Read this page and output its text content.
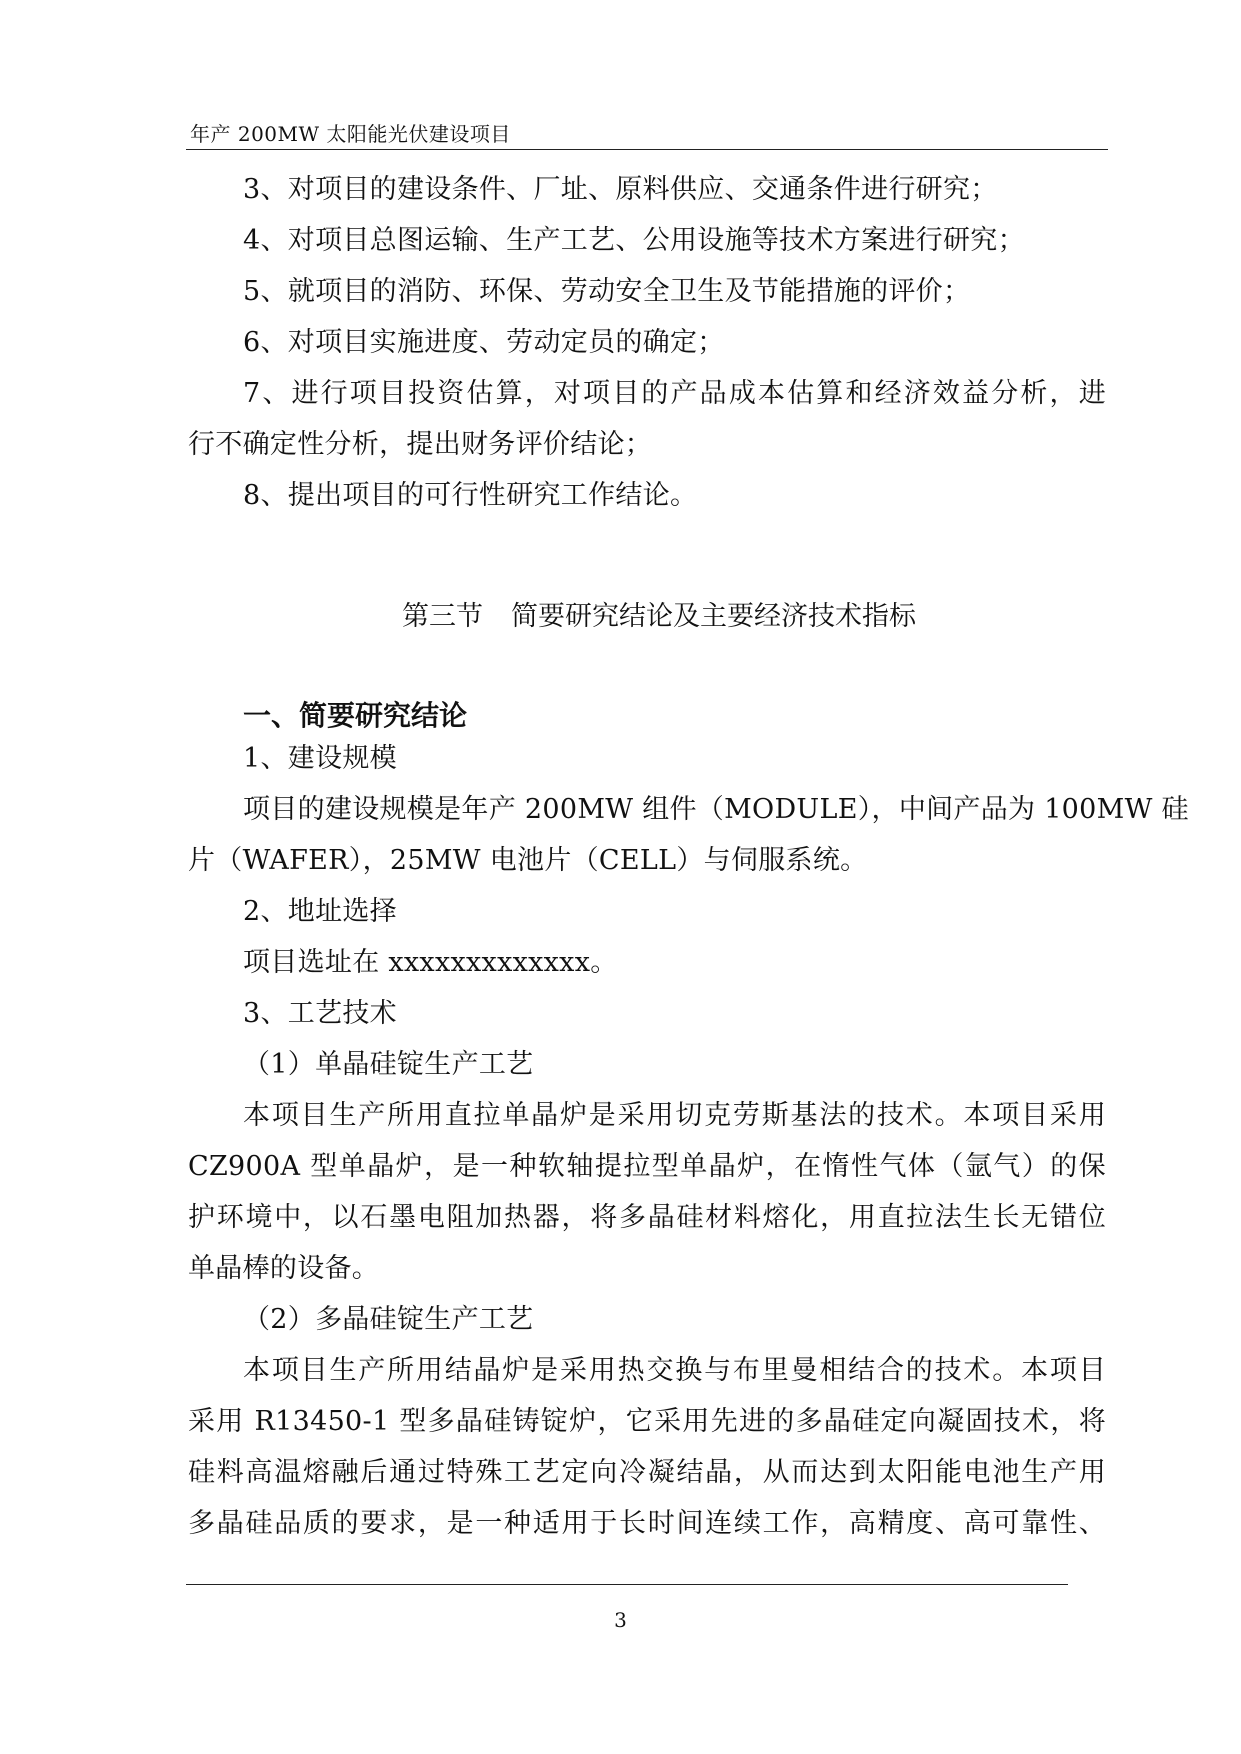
年产 200MW 太阳能光伏建设项目
3、对项目的建设条件、厂址、原料供应、交通条件进行研究；
4、对项目总图运输、生产工艺、公用设施等技术方案进行研究；
5、就项目的消防、环保、劳动安全卫生及节能措施的评价；
6、对项目实施进度、劳动定员的确定；
7、进行项目投资估算，对项目的产品成本估算和经济效益分析，进
行不确定性分析，提出财务评价结论；
8、提出项目的可行性研究工作结论。
第三节 简要研究结论及主要经济技术指标
一、简要研究结论
1、建设规模
项目的建设规模是年产 200MW 组件（MODULE），中间产品为 100MW 硅
片（WAFER），25MW 电池片（CELL）与伺服系统。
2、地址选择
项目选址在 xxxxxxxxxxxxx。
3、工艺技术
（1）单晶硅锭生产工艺
本项目生产所用直拉单晶炉是采用切克劳斯基法的技术。本项目采用
CZ900A 型单晶炉，是一种软轴提拉型单晶炉，在惰性气体（氩气）的保
护环境中，以石墨电阻加热器，将多晶硅材料熔化，用直拉法生长无错位
单晶棒的设备。
（2）多晶硅锭生产工艺
本项目生产所用结晶炉是采用热交换与布里曼相结合的技术。本项目
采用 R13450-1 型多晶硅铸锭炉，它采用先进的多晶硅定向凝固技术，将
硅料高温熔融后通过特殊工艺定向冷凝结晶，从而达到太阳能电池生产用
多晶硅品质的要求，是一种适用于长时间连续工作，高精度、高可靠性、
3
